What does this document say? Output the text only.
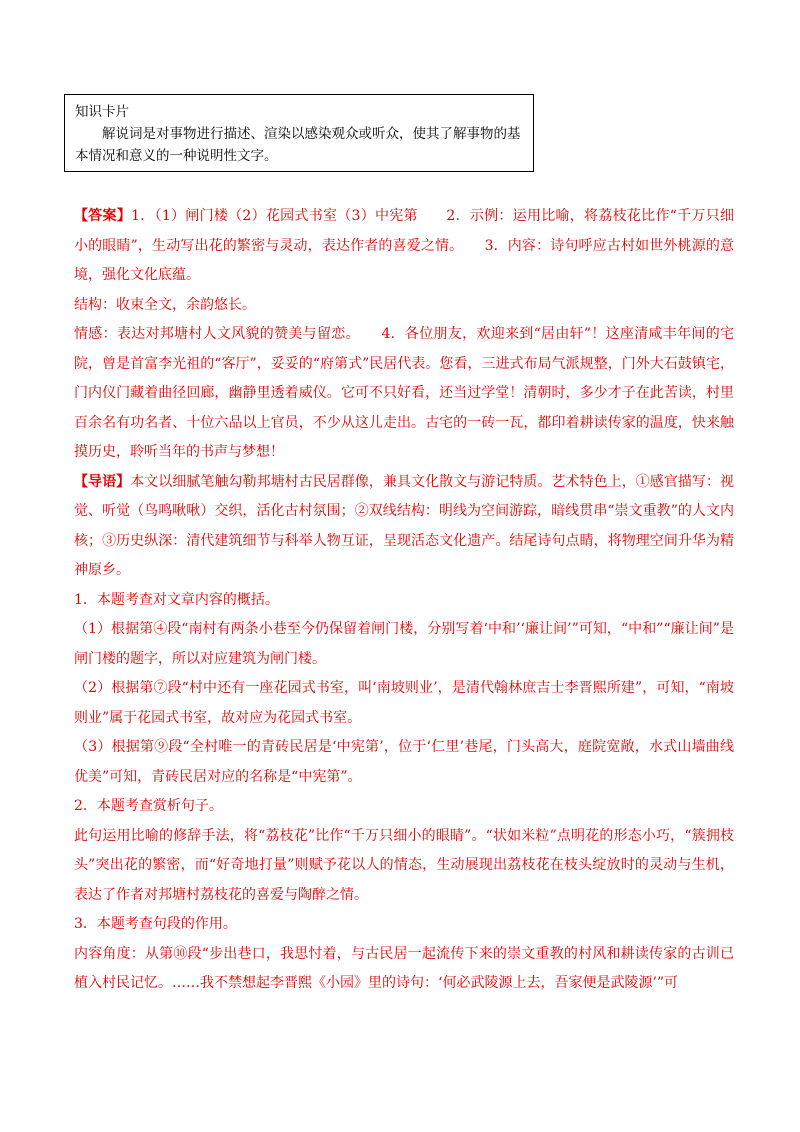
知识卡片
解说词是对事物进行描述、渲染以感染观众或听众，使其了解事物的基本情况和意义的一种说明性文字。

【答案】1．（1）闸门楼（2）花园式书室（3）中宪第　　2．示例：运用比喻，将荔枝花比作“千万只细小的眼睛”，生动写出花的繁密与灵动，表达作者的喜爱之情。　　3．内容：诗句呼应古村如世外桃源的意境，强化文化底蕴。

结构：收束全文，余韵悠长。

情感：表达对邦塘村人文风貌的赞美与留恋。　　4．各位朋友，欢迎来到“居由轩”！这座清咸丰年间的宅院，曾是首富李光祖的“客厅”，妥妥的“府第式”民居代表。您看，三进式布局气派规整，门外大石鼓镇宅，门内仪门藏着曲径回廊，幽静里透着威仪。它可不只好看，还当过学堂！清朝时，多少才子在此苦读，村里百余名有功名者、十位六品以上官员，不少从这儿走出。古宅的一砖一瓦，都印着耕读传家的温度，快来触摸历史，聆听当年的书声与梦想！

【导语】本文以细腻笔触勾勒邦塘村古民居群像，兼具文化散文与游记特质。艺术特色上，①感官描写：视觉、听觉（鸟鸣啾啾）交织，活化古村氛围；②双线结构：明线为空间游踪，暗线贯串“崇文重教”的人文内核；③历史纵深：清代建筑细节与科举人物互证，呈现活态文化遗产。结尾诗句点睛，将物理空间升华为精神原乡。

1．本题考查对文章内容的概括。

（1）根据第④段“南村有两条小巷至今仍保留着闸门楼，分别写着‘中和’‘廉让间’”可知，“中和”“廉让间”是闸门楼的题字，所以对应建筑为闸门楼。

（2）根据第⑦段“村中还有一座花园式书室，叫‘南坡则业’，是清代翰林庶吉士李晋熙所建”，可知，“南坡则业”属于花园式书室，故对应为花园式书室。

（3）根据第⑨段“全村唯一的青砖民居是‘中宪第’，位于‘仁里’巷尾，门头高大，庭院宽敞，水式山墙曲线优美”可知，青砖民居对应的名称是“中宪第”。

2．本题考查赏析句子。

此句运用比喻的修辞手法，将“荔枝花”比作“千万只细小的眼睛”。“状如米粒”点明花的形态小巧，“簇拥枝头”突出花的繁密，而“好奇地打量”则赋予花以人的情态，生动展现出荔枝花在枝头绽放时的灵动与生机，表达了作者对邦塘村荔枝花的喜爱与陶醉之情。

3．本题考查句段的作用。

内容角度：从第⑩段“步出巷口，我思忖着，与古民居一起流传下来的崇文重教的村风和耕读传家的古训已植入村民记忆。……我不禁想起李晋熙《小园》里的诗句：‘何必武陵源上去，吾家便是武陵源’”可
